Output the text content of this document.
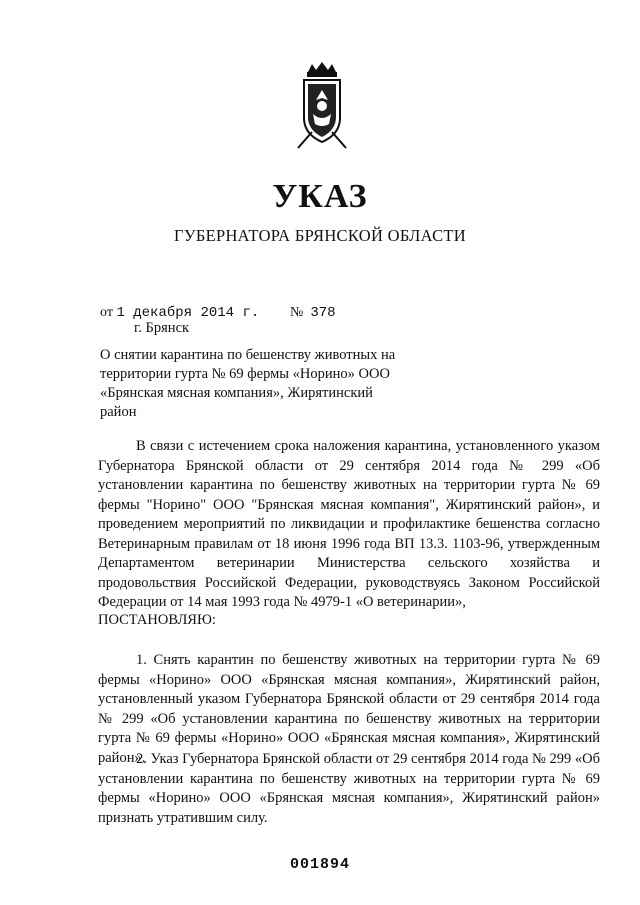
УКАЗ
ГУБЕРНАТОРА БРЯНСКОЙ ОБЛАСТИ
от 1 декабря 2014 г. № 378
г. Брянск
О снятии карантина по бешенству животных на территории гурта № 69 фермы «Норино» ООО «Брянская мясная компания», Жирятинский район
В связи с истечением срока наложения карантина, установленного указом Губернатора Брянской области от 29 сентября 2014 года № 299 «Об установлении карантина по бешенству животных на территории гурта № 69 фермы "Норино" ООО "Брянская мясная компания", Жирятинский район», и проведением мероприятий по ликвидации и профилактике бешенства согласно Ветеринарным правилам от 18 июня 1996 года ВП 13.3. 1103-96, утвержденным Департаментом ветеринарии Министерства сельского хозяйства и продовольствия Российской Федерации, руководствуясь Законом Российской Федерации от 14 мая 1993 года № 4979-1 «О ветеринарии»,
ПОСТАНОВЛЯЮ:
1. Снять карантин по бешенству животных на территории гурта № 69 фермы «Норино» ООО «Брянская мясная компания», Жирятинский район, установленный указом Губернатора Брянской области от 29 сентября 2014 года № 299 «Об установлении карантина по бешенству животных на территории гурта № 69 фермы «Норино» ООО «Брянская мясная компания», Жирятинский район».
2. Указ Губернатора Брянской области от 29 сентября 2014 года № 299 «Об установлении карантина по бешенству животных на территории гурта № 69 фермы «Норино» ООО «Брянская мясная компания», Жирятинский район» признать утратившим силу.
001894
